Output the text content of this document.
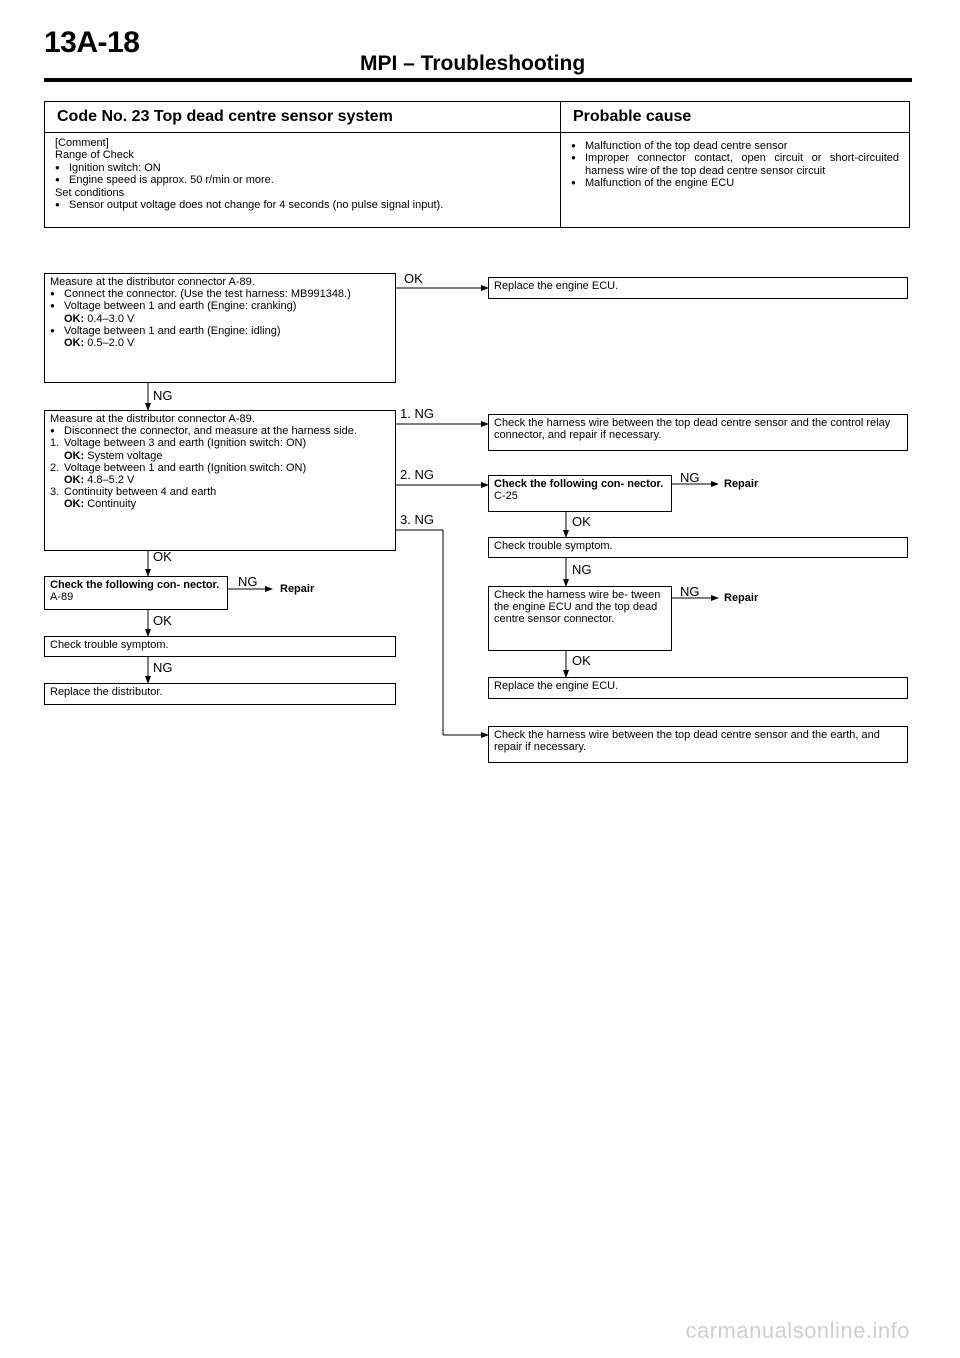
13A-18
MPI – Troubleshooting
Code No. 23 Top dead centre sensor system
[Comment]
Range of Check
● Ignition switch: ON
● Engine speed is approx. 50 r/min or more.
Set conditions
● Sensor output voltage does not change for 4 seconds (no pulse signal input).
Probable cause
● Malfunction of the top dead centre sensor
● Improper connector contact, open circuit or short-circuited harness wire of the top dead centre sensor circuit
● Malfunction of the engine ECU
Measure at the distributor connector A-89.
● Connect the connector. (Use the test harness: MB991348.)
● Voltage between 1 and earth (Engine: cranking)
OK: 0.4–3.0 V
● Voltage between 1 and earth (Engine: idling)
OK: 0.5–2.0 V
OK	Replace the engine ECU.
NG
Measure at the distributor connector A-89.
● Disconnect the connector, and measure at the harness side.
1. Voltage between 3 and earth (Ignition switch: ON)
OK: System voltage
2. Voltage between 1 and earth (Ignition switch: ON)
OK: 4.8–5.2 V
3. Continuity between 4 and earth
OK: Continuity
1. NG
2. NG
3. NG
Check the harness wire between the top dead centre sensor and the control relay connector, and repair if necessary.
Check the following con- nector. C-25
NG Repair
OK
Check trouble symptom.
NG
Check the harness wire be- tween the engine ECU and the top dead centre sensor connector.
NG Repair
OK
Replace the engine ECU.
Check the harness wire between the top dead centre sensor and the earth, and repair if necessary.
OK
Check the following con- nector. A-89
NG Repair
OK
Check trouble symptom.
NG
Replace the distributor.
carmanualsonline.info
